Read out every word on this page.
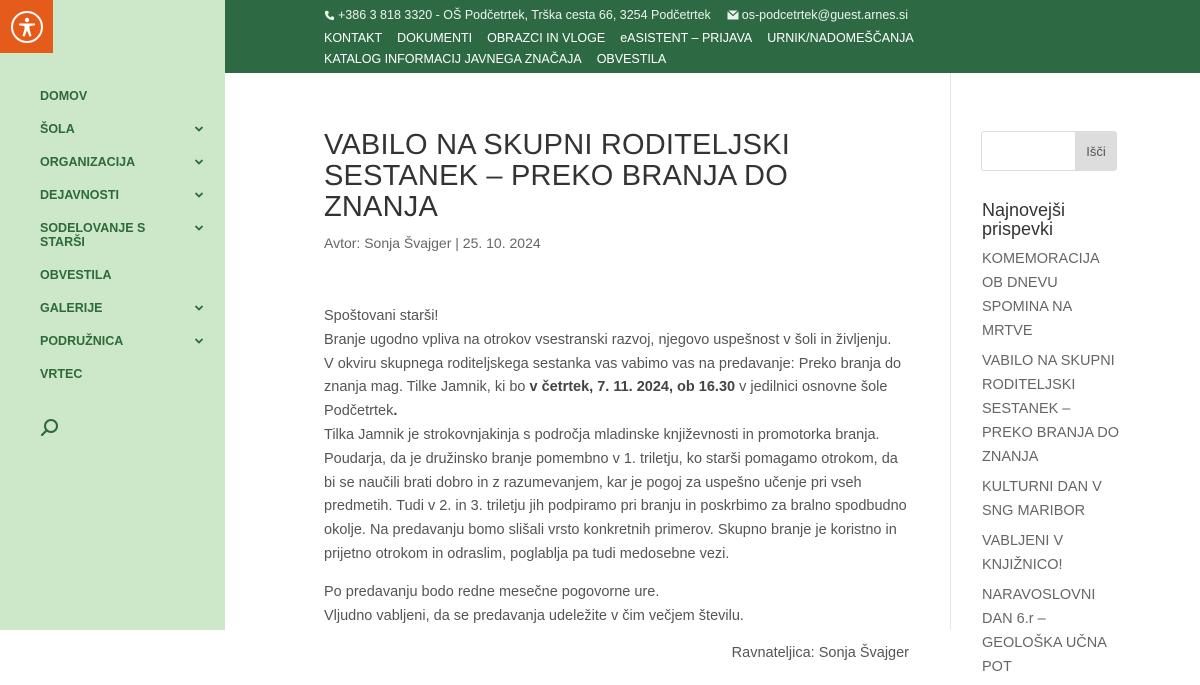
DOMOV
ŠOLA
ORGANIZACIJA
DEJAVNOSTI
SODELOVANJE S STARŠI
OBVESTILA
GALERIJE
PODRUŽNICA
VRTEC
+386 3 818 3320 - OŠ Podčetrtek, Trška cesta 66, 3254 Podčetrtek os-podcetrtek@guest.arnes.si
KONTAKT DOKUMENTI OBRAZCI IN VLOGE eASISTENT – PRIJAVA URNIK/NADOMEŠČANJAKATALOG INFORMACIJ JAVNEGA ZNAČAJA OBVESTILA
VABILO NA SKUPNI RODITELJSKI SESTANEK – PREKO BRANJA DO ZNANJA
Avtor: Sonja Švajger | 25. 10. 2024

Spoštovani starši!
Branje ugodno vpliva na otrokov vsestranski razvoj, njegovo uspešnost v šoli in življenju.
V okviru skupnega roditeljskega sestanka vas vabimo vas na predavanje: Preko branja do znanja mag. Tilke Jamnik, ki bo v četrtek, 7. 11. 2024, ob 16.30 v jedilnici osnovne šole Podčetrtek.
Tilka Jamnik je strokovnjakinja s področja mladinske književnosti in promotorka branja. Poudarja, da je družinsko branje pomembno v 1. triletju, ko starši pomagamo otrokom, da bi se naučili brati dobro in z razumevanjem, kar je pogoj za uspešno učenje pri vseh predmetih. Tudi v 2. in 3. triletju jih podpiramo pri branju in poskrbimo za bralno spodbudno okolje. Na predavanju bomo slišali vrsto konkretnih primerov. Skupno branje je koristno in prijetno otrokom in odraslim, poglablja pa tudi medosebne vezi.

Po predavanju bodo redne mesečne pogovorne ure.
Vljudno vabljeni, da se predavanja udeležite v čim večjem številu.

Ravnateljica: Sonja Švajger
Išči
Najnovejši prispevki
KOMEMORACIJA OB DNEVU SPOMINA NA MRTVE
VABILO NA SKUPNI RODITELJSKI SESTANEK – PREKO BRANJA DO ZNANJA
KULTURNI DAN V SNG MARIBOR
VABLJENI V KNJIŽNICO!
NARAVOSLOVNI DAN 6.r – GEOLOŠKA UČNA POT
